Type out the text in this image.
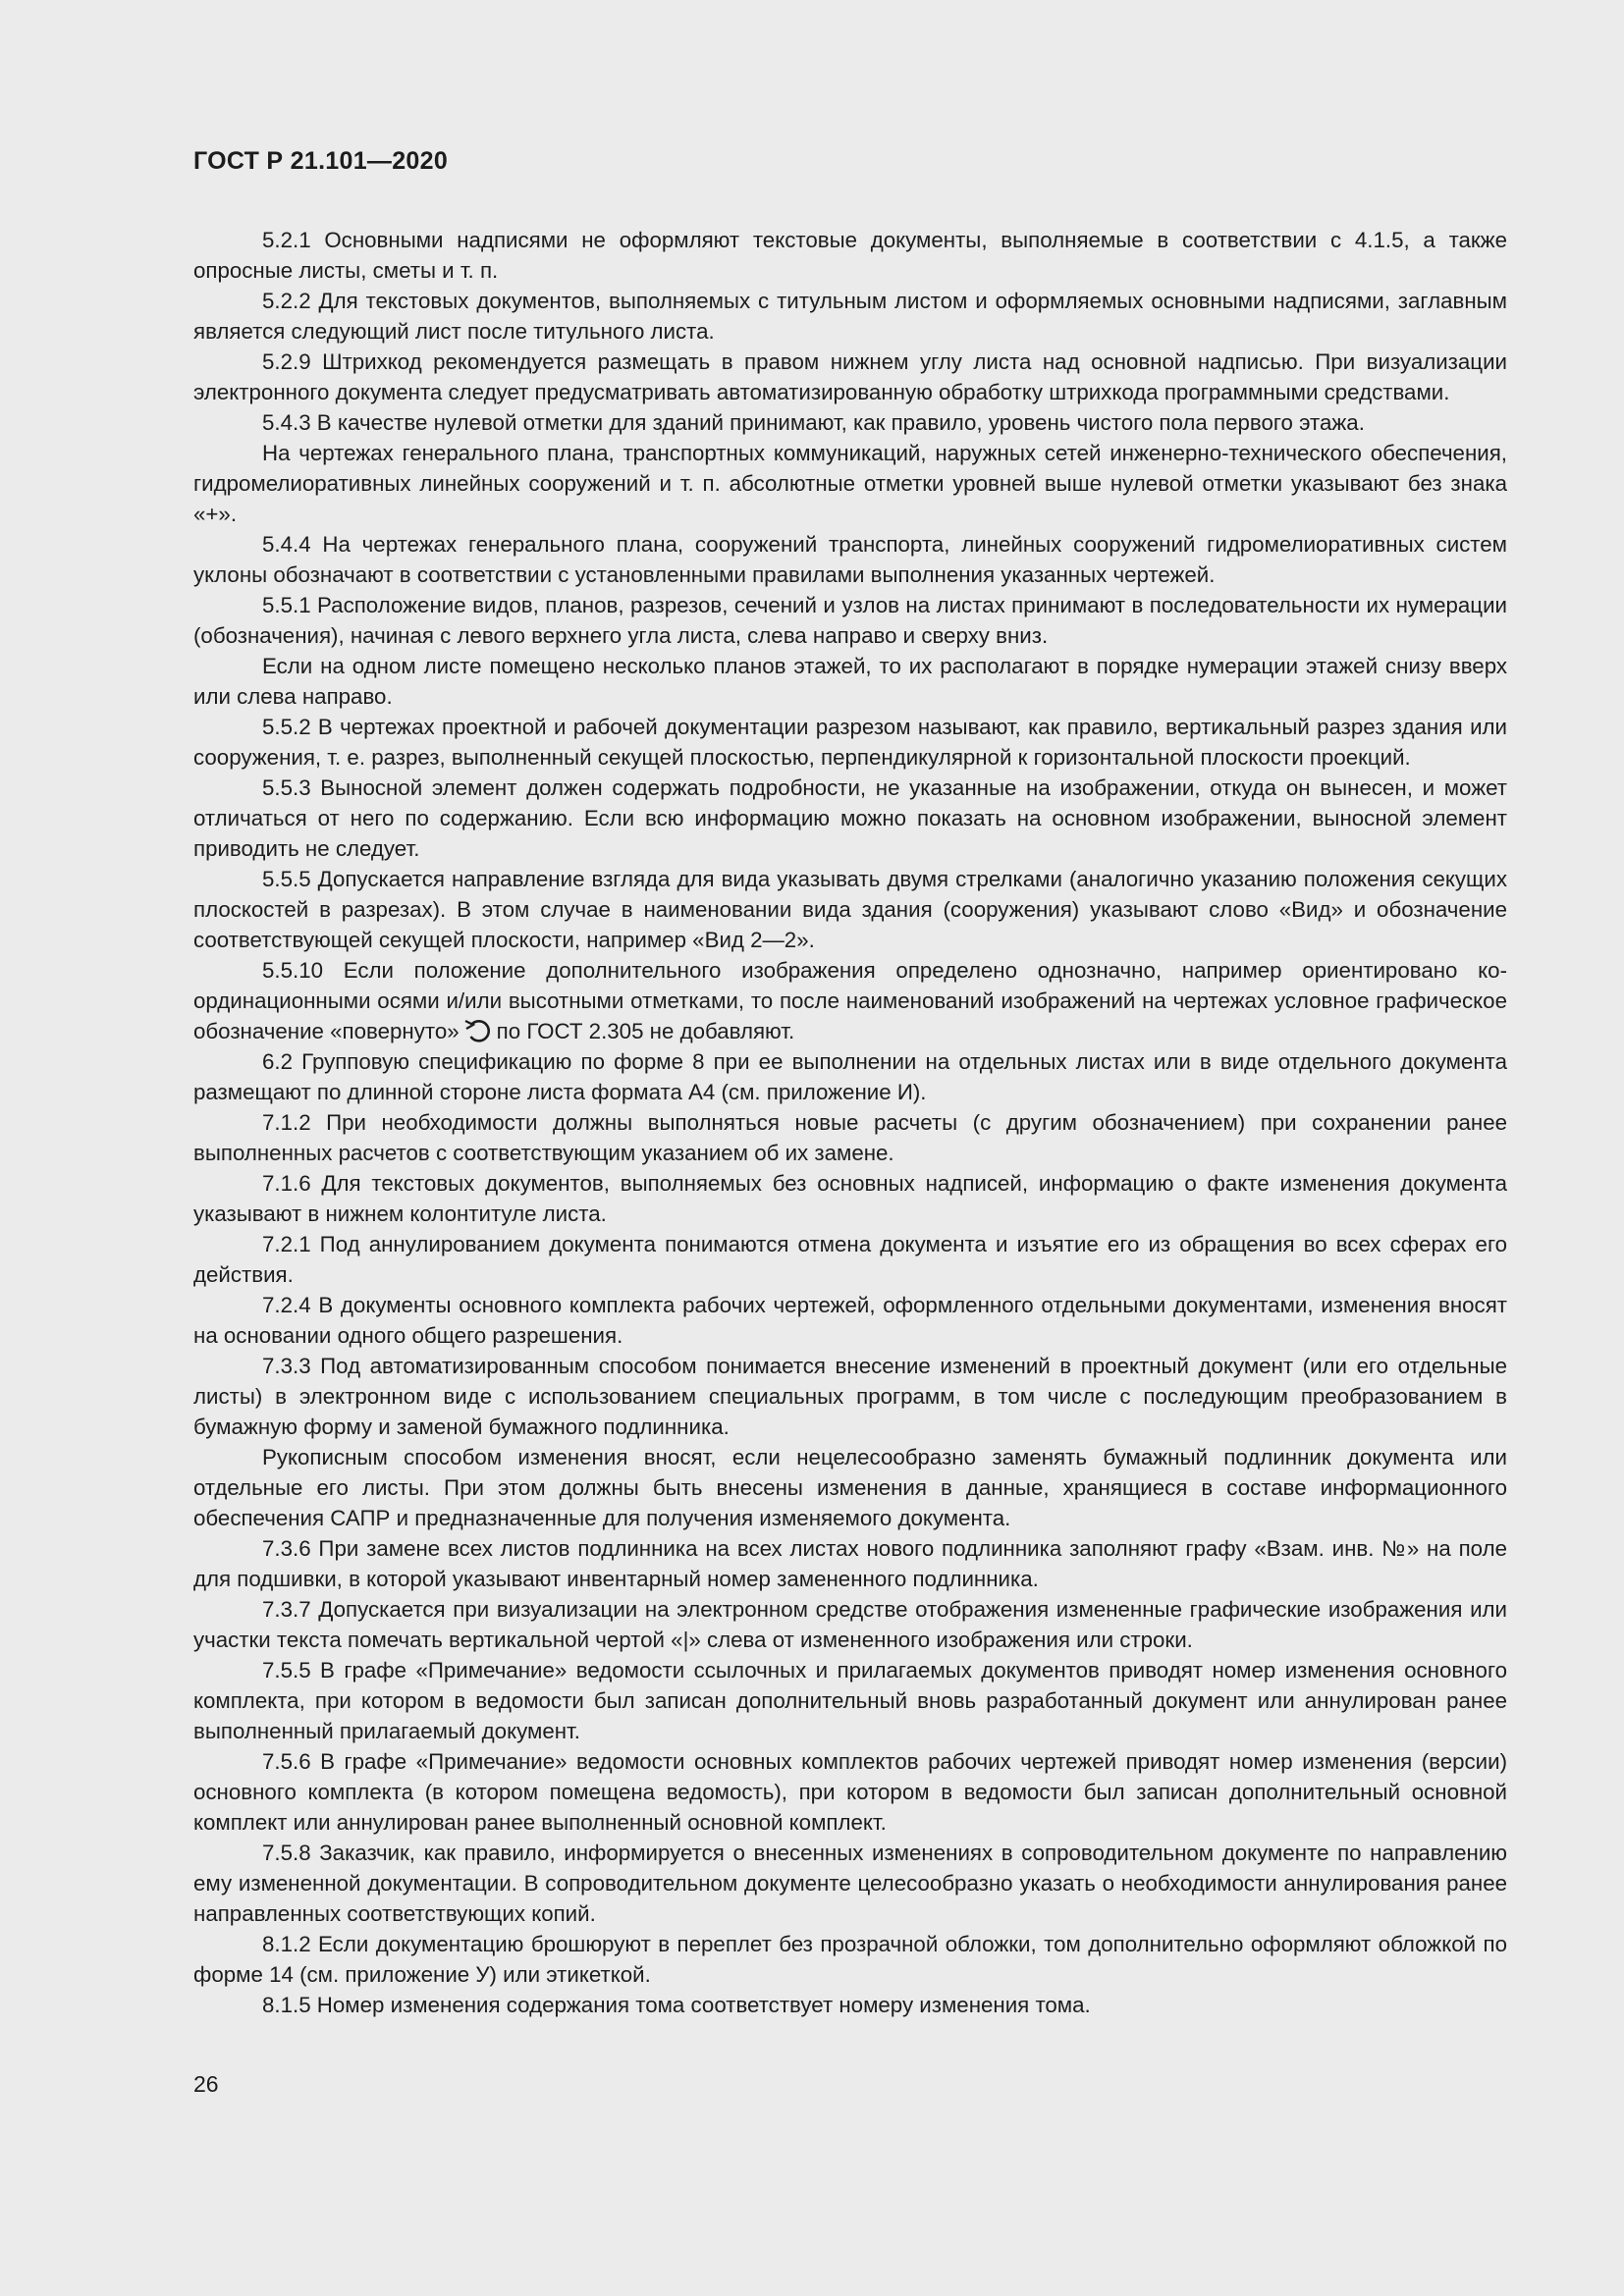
ГОСТ Р 21.101—2020

5.2.1 Основными надписями не оформляют текстовые документы, выполняемые в соответствии с 4.1.5, а также опросные листы, сметы и т. п.

5.2.2 Для текстовых документов, выполняемых с титульным листом и оформляемых основными надписями, заглавным является следующий лист после титульного листа.

5.2.9 Штрихкод рекомендуется размещать в правом нижнем углу листа над основной надписью. При визуализации электронного документа следует предусматривать автоматизированную обработку штрихкода программными средствами.

5.4.3 В качестве нулевой отметки для зданий принимают, как правило, уровень чистого пола первого этажа.

На чертежах генерального плана, транспортных коммуникаций, наружных сетей инженерно-технического обеспечения, гидромелиоративных линейных сооружений и т. п. абсолютные отметки уровней выше нулевой отметки указывают без знака «+».

5.4.4 На чертежах генерального плана, сооружений транспорта, линейных сооружений гидромелиоративных систем уклоны обозначают в соответствии с установленными правилами выполнения указанных чертежей.

5.5.1 Расположение видов, планов, разрезов, сечений и узлов на листах принимают в последовательности их нумерации (обозначения), начиная с левого верхнего угла листа, слева направо и сверху вниз.

Если на одном листе помещено несколько планов этажей, то их располагают в порядке нумерации этажей снизу вверх или слева направо.

5.5.2 В чертежах проектной и рабочей документации разрезом называют, как правило, вертикальный разрез здания или сооружения, т. е. разрез, выполненный секущей плоскостью, перпендикулярной к горизонтальной плоскости проекций.

5.5.3 Выносной элемент должен содержать подробности, не указанные на изображении, откуда он вынесен, и может отличаться от него по содержанию. Если всю информацию можно показать на основном изображении, выносной элемент приводить не следует.

5.5.5 Допускается направление взгляда для вида указывать двумя стрелками (аналогично указанию положения секущих плоскостей в разрезах). В этом случае в наименовании вида здания (сооружения) указывают слово «Вид» и обозначение соответствующей секущей плоскости, например «Вид 2—2».

5.5.10 Если положение дополнительного изображения определено однозначно, например ориентировано координационными осями и/или высотными отметками, то после наименований изображений на чертежах условное графическое обозначение «повернуто» по ГОСТ 2.305 не добавляют.

6.2 Групповую спецификацию по форме 8 при ее выполнении на отдельных листах или в виде отдельного документа размещают по длинной стороне листа формата А4 (см. приложение И).

7.1.2 При необходимости должны выполняться новые расчеты (с другим обозначением) при сохранении ранее выполненных расчетов с соответствующим указанием об их замене.

7.1.6 Для текстовых документов, выполняемых без основных надписей, информацию о факте изменения документа указывают в нижнем колонтитуле листа.

7.2.1 Под аннулированием документа понимаются отмена документа и изъятие его из обращения во всех сферах его действия.

7.2.4 В документы основного комплекта рабочих чертежей, оформленного отдельными документами, изменения вносят на основании одного общего разрешения.

7.3.3 Под автоматизированным способом понимается внесение изменений в проектный документ (или его отдельные листы) в электронном виде с использованием специальных программ, в том числе с последующим преобразованием в бумажную форму и заменой бумажного подлинника.

Рукописным способом изменения вносят, если нецелесообразно заменять бумажный подлинник документа или отдельные его листы. При этом должны быть внесены изменения в данные, хранящиеся в составе информационного обеспечения САПР и предназначенные для получения изменяемого документа.

7.3.6 При замене всех листов подлинника на всех листах нового подлинника заполняют графу «Взам. инв. №» на поле для подшивки, в которой указывают инвентарный номер замененного подлинника.

7.3.7 Допускается при визуализации на электронном средстве отображения измененные графические изображения или участки текста помечать вертикальной чертой «|» слева от измененного изображения или строки.

7.5.5 В графе «Примечание» ведомости ссылочных и прилагаемых документов приводят номер изменения основного комплекта, при котором в ведомости был записан дополнительный вновь разработанный документ или аннулирован ранее выполненный прилагаемый документ.

7.5.6 В графе «Примечание» ведомости основных комплектов рабочих чертежей приводят номер изменения (версии) основного комплекта (в котором помещена ведомость), при котором в ведомости был записан дополнительный основной комплект или аннулирован ранее выполненный основной комплект.

7.5.8 Заказчик, как правило, информируется о внесенных изменениях в сопроводительном документе по направлению ему измененной документации. В сопроводительном документе целесообразно указать о необходимости аннулирования ранее направленных соответствующих копий.

8.1.2 Если документацию брошюруют в переплет без прозрачной обложки, том дополнительно оформляют обложкой по форме 14 (см. приложение У) или этикеткой.

8.1.5 Номер изменения содержания тома соответствует номеру изменения тома.

26
